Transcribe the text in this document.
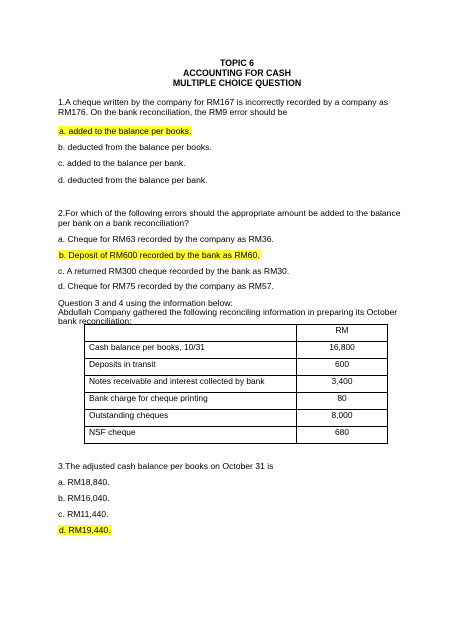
TOPIC 6
ACCOUNTING FOR CASH
MULTIPLE CHOICE QUESTION
1.A cheque written by the company for RM167 is incorrectly recorded by a company as
RM176. On the bank reconciliation, the RM9 error should be
a. added to the balance per books.
b. deducted from the balance per books.
c. added to the balance per bank.
d. deducted from the balance per bank.
2.For which of the following errors should the appropriate amount be added to the balance
per bank on a bank reconciliation?
a. Cheque for RM63 recorded by the company as RM36.
b. Deposit of RM600 recorded by the bank as RM60.
c. A returned RM300 cheque recorded by the bank as RM30.
d. Cheque for RM75 recorded by the company as RM57.
Question 3 and 4 using the information below:
Abdullah Company gathered the following reconciling information in preparing its October
bank reconciliation:
	RM
Cash balance per books, 10/31	16,800
Deposits in transit	600
Notes receivable and interest collected by bank	3,400
Bank charge for cheque printing	80
Outstanding cheques	8,000
NSF cheque	680
3.The adjusted cash balance per books on October 31 is
a. RM18,840.
b. RM16,040.
c. RM11,440.
d. RM19,440.
